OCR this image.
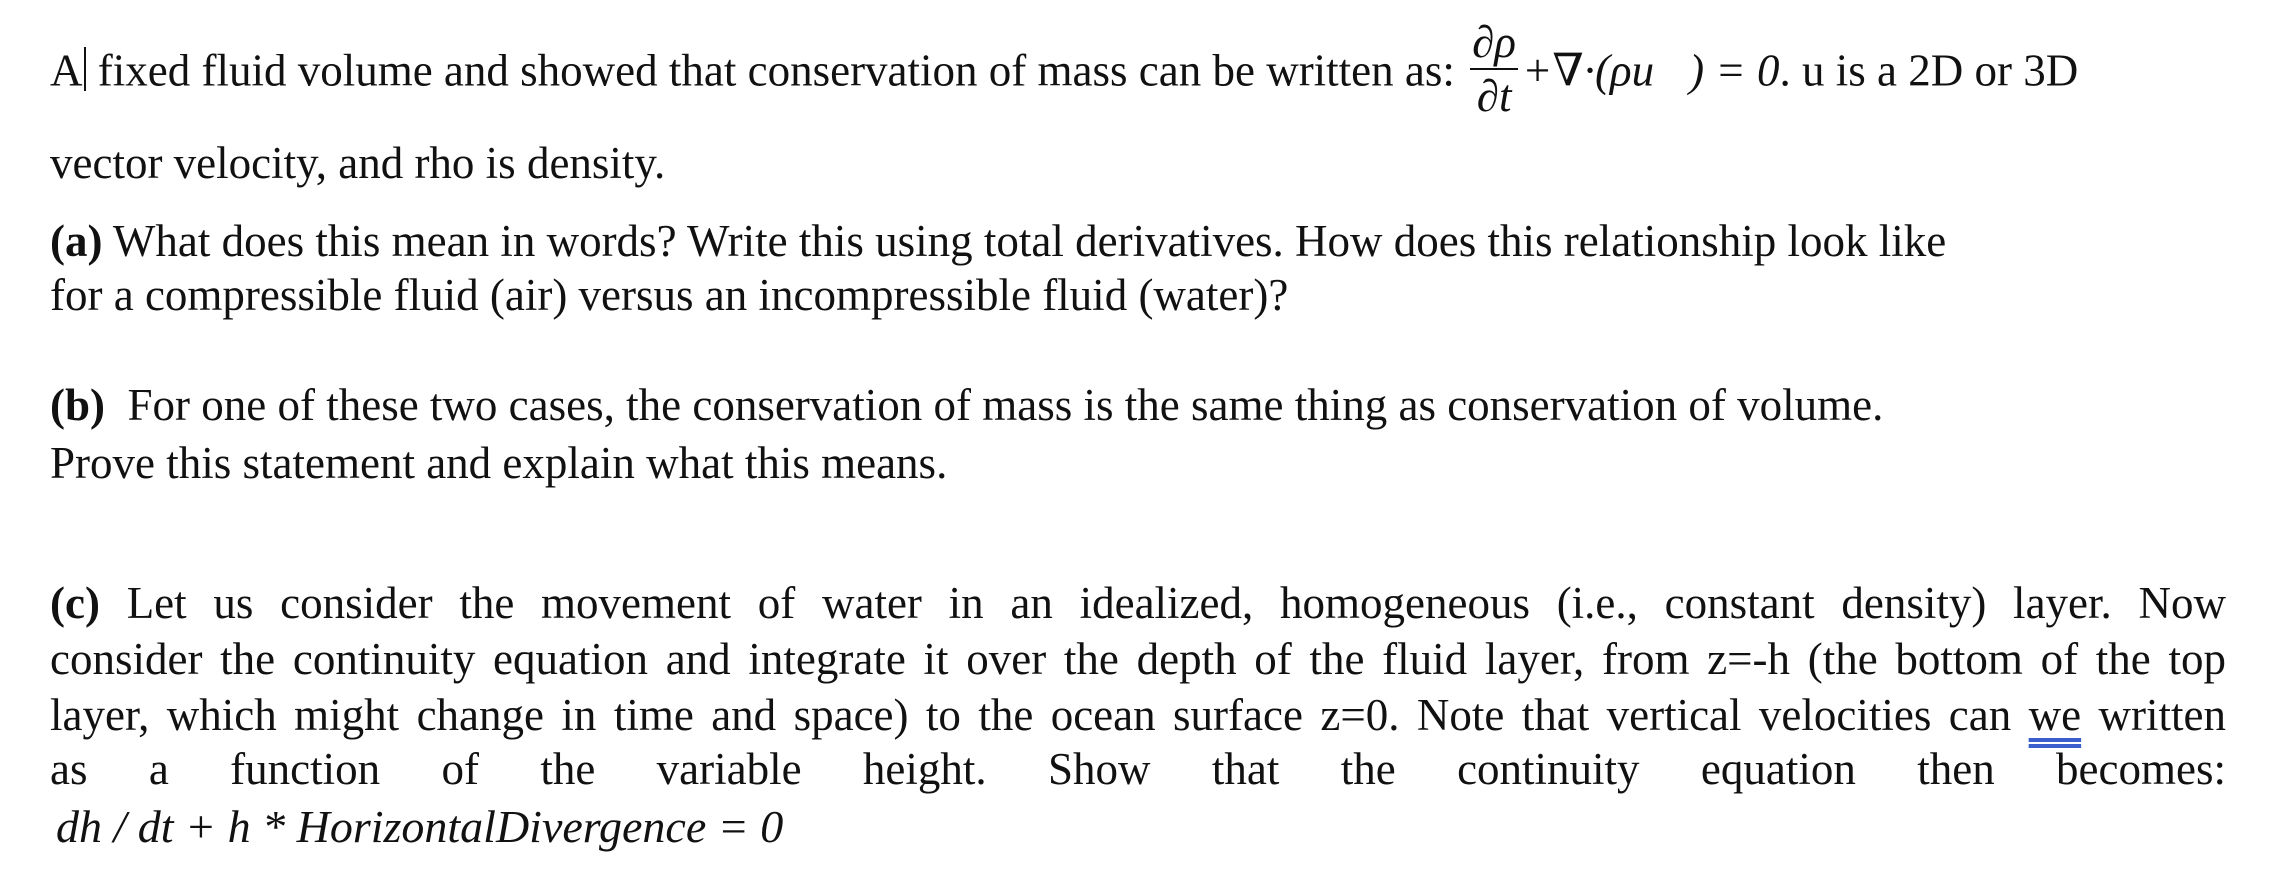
A fixed fluid volume and showed that conservation of mass can be written as: $\frac{\partial\rho}{\partial t}$ +∇·(ρu⃗) = 0. u is a 2D or 3D
vector velocity, and rho is density.
(a) What does this mean in words? Write this using total derivatives. How does this relationship look like
for a compressible fluid (air) versus an incompressible fluid (water)?
(b)  For one of these two cases, the conservation of mass is the same thing as conservation of volume.
Prove this statement and explain what this means.
(c) Let us consider the movement of water in an idealized, homogeneous (i.e., constant density) layer. Now
consider the continuity equation and integrate it over the depth of the fluid layer, from z=-h (the bottom of the top
layer, which might change in time and space) to the ocean surface z=0. Note that vertical velocities can we written
as a function of the variable height. Show that the continuity equation then becomes:
dh / dt + h * HorizontalDivergence = 0
